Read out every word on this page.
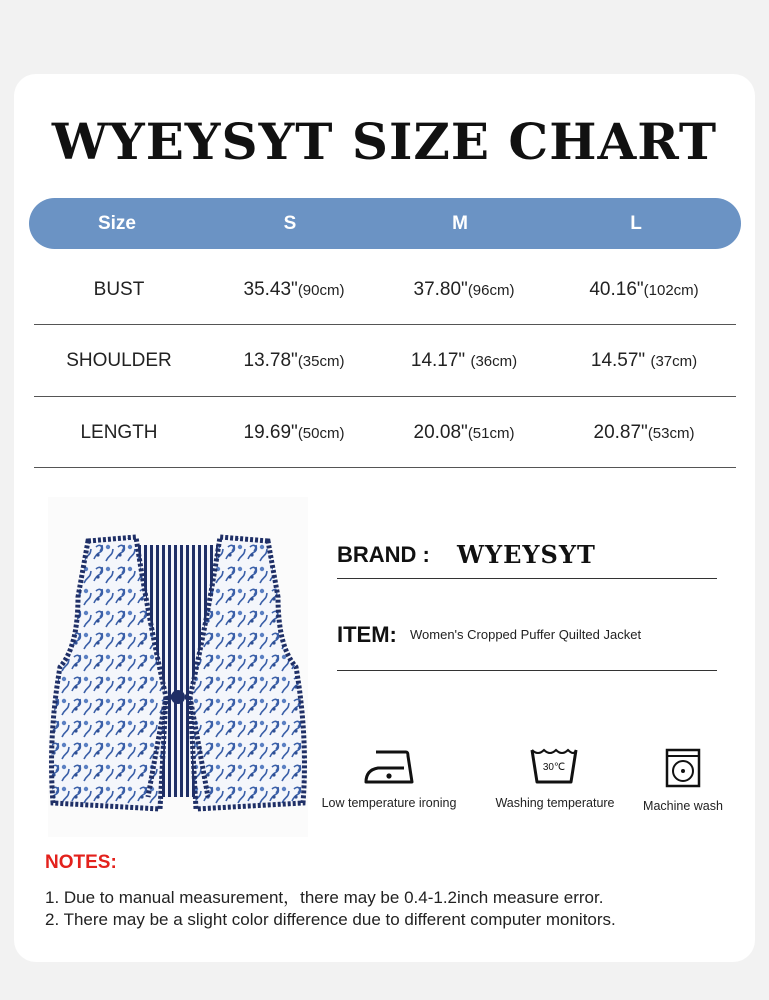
WYEYSYT SIZE CHART
Size	S	M	L
BUST	35.43"(90cm)	37.80"(96cm)	40.16"(102cm)
SHOULDER	13.78"(35cm)	14.17" (36cm)	14.57" (37cm)
LENGTH	19.69"(50cm)	20.08"(51cm)	20.87"(53cm)
BRAND : WYEYSYT
ITEM: Women's Cropped Puffer Quilted Jacket
Low temperature ironing
30℃
Washing temperature	Machine wash
NOTES:
1. Due to manual measurement，there may be 0.4-1.2inch measure error.
2. There may be a slight color difference due to different computer monitors.
